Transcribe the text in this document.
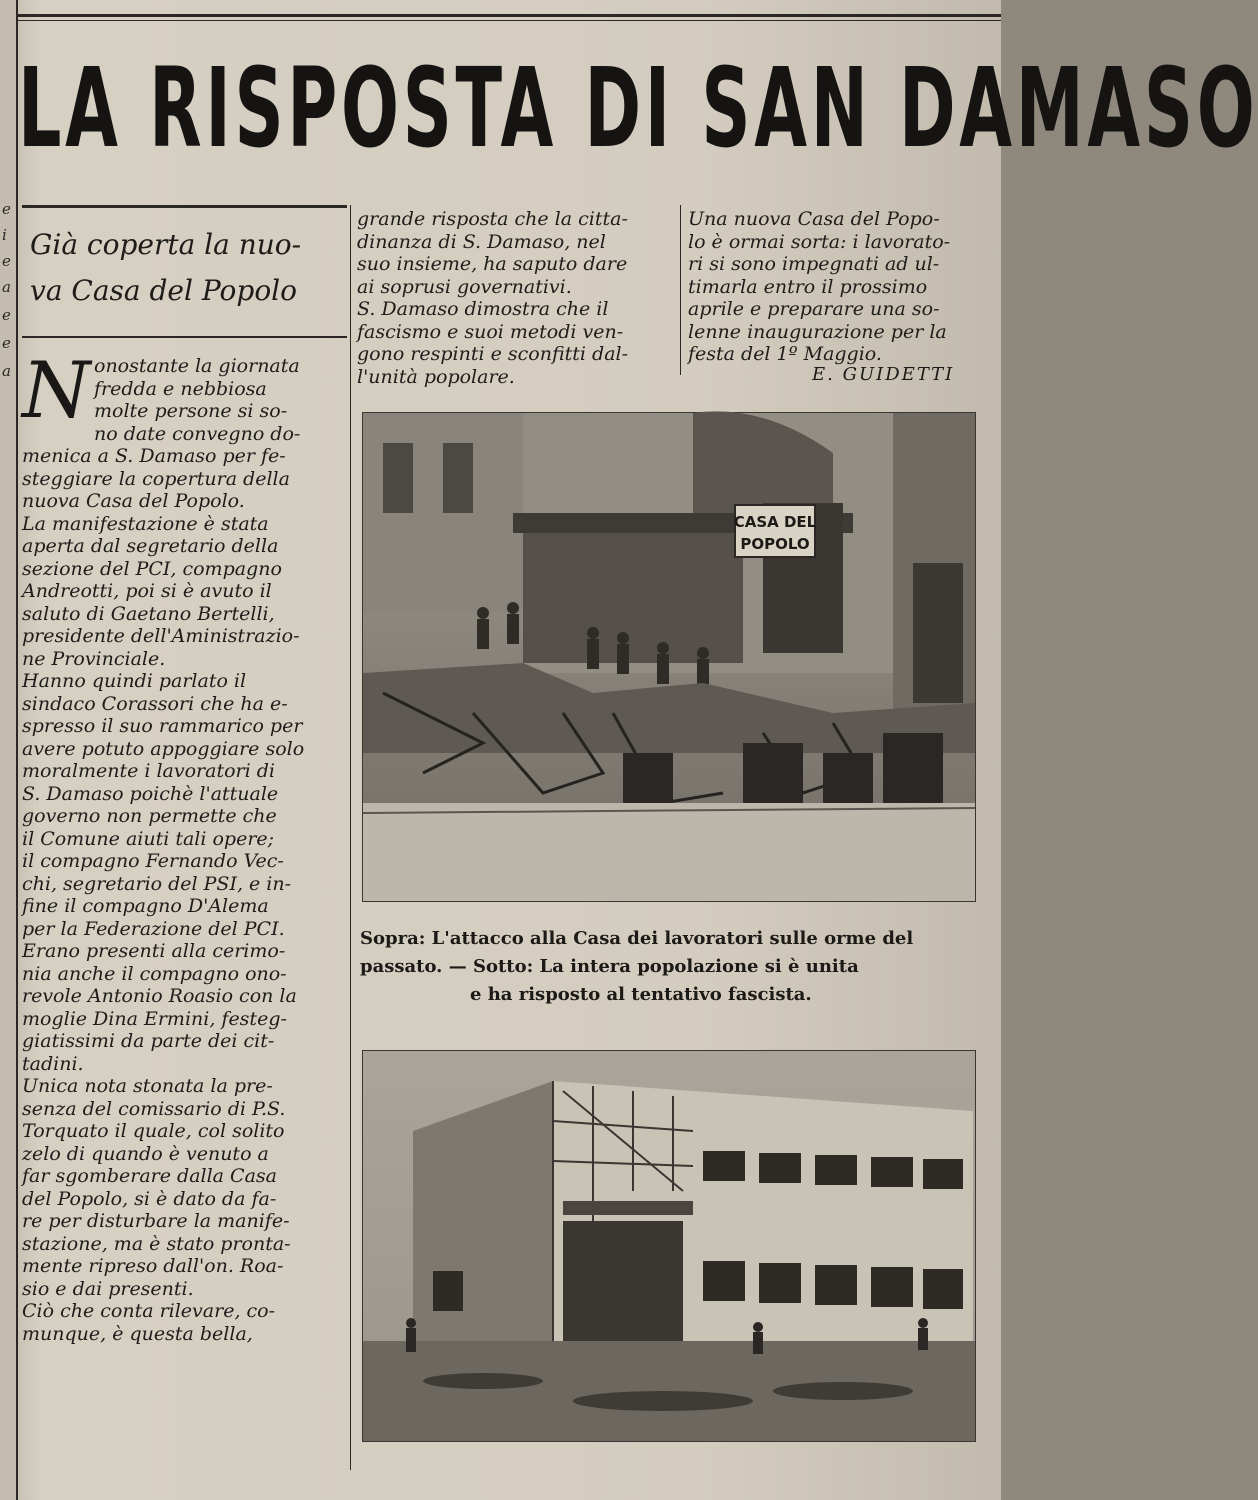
e
i
e
a
e
e
a
LA RISPOSTA DI SAN DAMASO
Già coperta la nuo-
va Casa del Popolo
N onostante la giornata
fredda e nebbiosa
molte persone si so-
no date convegno do-
menica a S. Damaso per fe-
steggiare la copertura della
nuova Casa del Popolo.
La manifestazione è stata
aperta dal segretario della
sezione del PCI, compagno
Andreotti, poi si è avuto il
saluto di Gaetano Bertelli,
presidente dell'Aministrazio-
ne Provinciale.
Hanno quindi parlato il
sindaco Corassori che ha e-
spresso il suo rammarico per
avere potuto appoggiare solo
moralmente i lavoratori di
S. Damaso poichè l'attuale
governo non permette che
il Comune aiuti tali opere;
il compagno Fernando Vec-
chi, segretario del PSI, e in-
fine il compagno D'Alema
per la Federazione del PCI.
Erano presenti alla cerimo-
nia anche il compagno ono-
revole Antonio Roasio con la
moglie Dina Ermini, festeg-
giatissimi da parte dei cit-
tadini.
Unica nota stonata la pre-
senza del comissario di P.S.
Torquato il quale, col solito
zelo di quando è venuto a
far sgomberare dalla Casa
del Popolo, si è dato da fa-
re per disturbare la manife-
stazione, ma è stato pronta-
mente ripreso dall'on. Roa-
sio e dai presenti.
Ciò che conta rilevare, co-
munque, è questa bella,
grande risposta che la citta-
dinanza di S. Damaso, nel
suo insieme, ha saputo dare
ai soprusi governativi.
S. Damaso dimostra che il
fascismo e suoi metodi ven-
gono respinti e sconfitti dal-
l'unità popolare.
Una nuova Casa del Popo-
lo è ormai sorta: i lavorato-
ri si sono impegnati ad ul-
timarla entro il prossimo
aprile e preparare una so-
lenne inaugurazione per la
festa del 1º Maggio.
E. GUIDETTI
CASA DEL
POPOLO
Sopra: L'attacco alla Casa dei lavoratori sulle orme del
passato. — Sotto: La intera popolazione si è unita
e ha risposto al tentativo fascista.
